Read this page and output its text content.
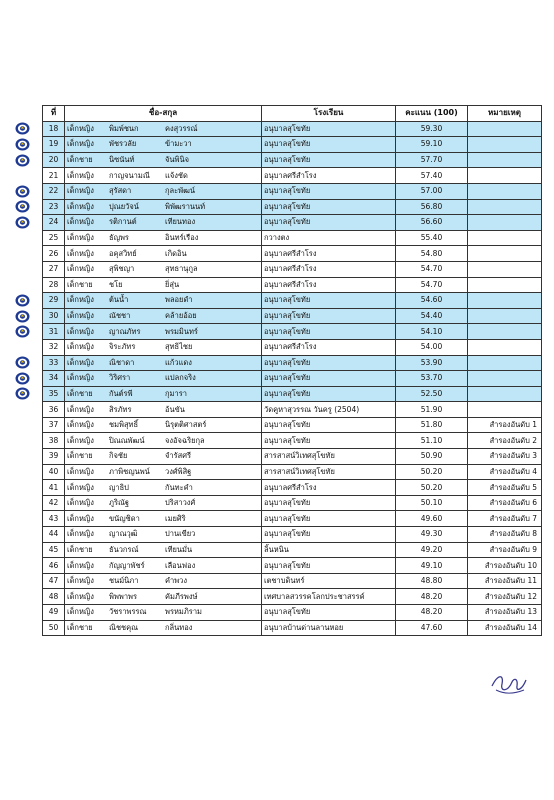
ที่	ชื่อ-สกุล	โรงเรียน	คะแนน (100)	หมายเหตุ
18	เด็กหญิง พิมพ์ชนก คงสุวรรณ์	อนุบาลสุโขทัย	59.30	
19	เด็กหญิง พัชรวลัย ข้ามะวา	อนุบาลสุโขทัย	59.10	
20	เด็กชาย นิซนันท์ จันพินิจ	อนุบาลสุโขทัย	57.70	
21	เด็กหญิง กาญจนามณี แจ้งชัด	อนุบาลศรีสำโรง	57.40	
22	เด็กหญิง สุรัสดา กุละพัฒน์	อนุบาลสุโขทัย	57.00	
23	เด็กหญิง ปุณยวัจน์ พิพัฒรานนท์	อนุบาลสุโขทัย	56.80	
24	เด็กหญิง รติกานต์ เทียนทอง	อนุบาลสุโขทัย	56.60	
25	เด็กหญิง ธัญพร อินทร์เรือง	กวางตง	55.40	
26	เด็กหญิง อคุสวิทย์ เกิดอิน	อนุบาลศรีสำโรง	54.80	
27	เด็กหญิง สุพิชญา สุทธานุกูล	อนุบาลศรีสำโรง	54.70	
28	เด็กชาย ชโย ยิ่สุ่น	อนุบาลศรีสำโรง	54.70	
29	เด็กหญิง ต้นน้ำ พลอยดำ	อนุบาลสุโขทัย	54.60	
30	เด็กหญิง ณัชชา คล้ายอ้อย	อนุบาลสุโขทัย	54.40	
31	เด็กหญิง ญาณภัทร พรมมินทร์	อนุบาลสุโขทัย	54.10	
32	เด็กหญิง จิระภัทร สุทธิไชย	อนุบาลศรีสำโรง	54.00	
33	เด็กหญิง ณิชาดา แก้วแดง	อนุบาลสุโขทัย	53.90	
34	เด็กหญิง วิริศรา แปลกจริง	อนุบาลสุโขทัย	53.70	
35	เด็กชาย กันต์รพี กุมารา	อนุบาลสุโขทัย	52.50	
36	เด็กหญิง สิรภัทร อ้นขัน	วัดคูหาสุวรรณ วันครู (2504)	51.90	
37	เด็กหญิง ชมพิสุทธิ์ นิรุตติศาสตร์	อนุบาลสุโขทัย	51.80	สำรองอันดับ 1
38	เด็กหญิง ปิณณพัฒน์ จงอัจฉริยกุล	อนุบาลสุโขทัย	51.10	สำรองอันดับ 2
39	เด็กชาย กิจชัย จำรัสศรี	สารสาสน์วิเทศสุโขทัย	50.90	สำรองอันดับ 3
40	เด็กหญิง ภาพิชญนพน์ วงศ์พิสิฐ	สารสาสน์วิเทศสุโขทัย	50.20	สำรองอันดับ 4
41	เด็กหญิง ญาธิป กันทะคำ	อนุบาลศรีสำโรง	50.20	สำรองอันดับ 5
42	เด็กหญิง ภูริณัฐ ปริสาวงศ์	อนุบาลสุโขทัย	50.10	สำรองอันดับ 6
43	เด็กหญิง ขนัญชิดา เมยศิริ	อนุบาลสุโขทัย	49.60	สำรองอันดับ 7
44	เด็กหญิง ญาณวุฒิ ปานเขียว	อนุบาลสุโขทัย	49.30	สำรองอันดับ 8
45	เด็กชาย ธันวกรณ์ เทียนมั่น	ลิ้นหนิน	49.20	สำรองอันดับ 9
46	เด็กหญิง กัญญาพัชร์ เลือนฟอง	อนุบาลสุโขทัย	49.10	สำรองอันดับ 10
47	เด็กหญิง ชนม์นิภา คำพวง	เตชาบดินทร์	48.80	สำรองอันดับ 11
48	เด็กหญิง พิพพาพร คัมภีรพงษ์	เทศบาลสวรรคโลกประชาสรรค์	48.20	สำรองอันดับ 12
49	เด็กหญิง วัชราพรรณ พรหมภิราม	อนุบาลสุโขทัย	48.20	สำรองอันดับ 13
50	เด็กชาย ณิชชคุณ กลิ่นทอง	อนุบาลบ้านด่านลานหอย	47.60	สำรองอันดับ 14
